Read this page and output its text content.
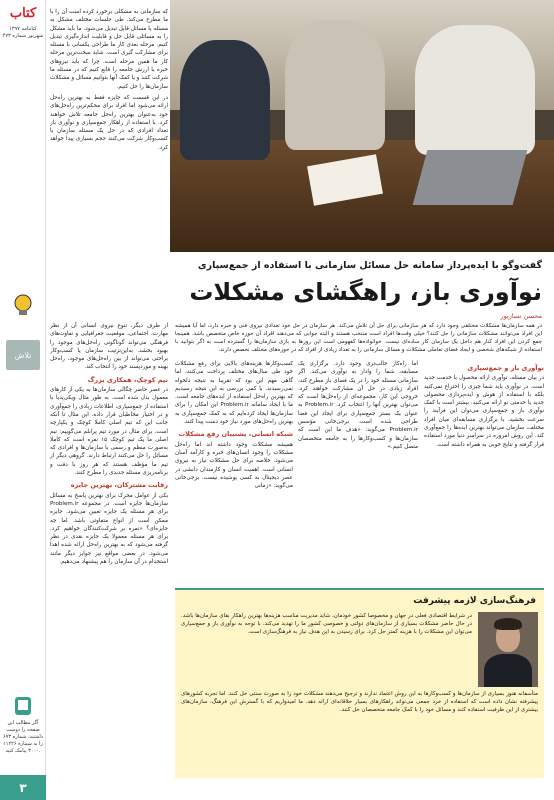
کتاب
کتابنامه ۱۳۹۷ شهریور شماره ۴۷۳
تلاش
آگر مطالب این صفحه را دوست داشتید، شماره ۶۷۳ را به شماره ۱۱۲۲۶ ۳۰۰۰ پیامک کنید.
۳

که سازمانی به مشکلی برخورد کرده است آن را با ما مطرح می‌کند. طی جلسات مختلف مشکل به مسئله یا مسائل قابل تبدیل می‌شود. ما باید مشکل را به مسائلی قابل حل و قابلیت اندازه‌گیری تبدیل کنیم. مرحله بعدی کار ما طراحی یکسانی با مسئله برای مشارکت گیری است. شاید سخت‌ترین مرحله کار ما همین مرحله است. چرا که باید نیروهای خبره یا ارزش جامعه را قانع کنیم که در مسئله ما شرکت کنند و یا کمک آنها بتوانیم مسائل و مشکلات سازمان‌ها را حل کنیم.

در این قسمت که جایزه فقط به بهترین راه‌حل ارائه می‌شود اما افراد برای محکم‌ترین راه‌حل‌های خود به‌عنوان بهترین راه‌حل جامعه تلاش خواهند کرد. با استفاده از راهکار جمع‌سپاری و نوآوری باز تعداد افرادی که در حل یک مسئله سازمان یا کسب‌وکار شرکت می‌کنند حجم بسیاری پیدا خواهد کرد.

گفت‌وگو با ایده‌پرداز سامانه حل مسائل سازمانی با استفاده از جمع‌سپاری
نوآوری باز، راهگشای مشکلات
محسن نسازیور
در همه سازمان‌ها مشکلات مختلفی وجود دارد که هر سازمانی برای حل آن تلاش می‌کند. هر سازمان در حل خود تعدادی نیروی فنی و خبره دارد، اما آیا همیشه این افراد می‌توانند مشکلات سازمانی را حل کنند؟ خیلی وقت‌ها افراد است منتخب هستند و البته جوابی که می‌دهند افراد آن حوزه خاص متخصص باشد. همینجا جمع کردن این افراد کنار هم داخل یک سازمان کار ساده‌ای نیست. خوانواده‌ها کفهومی است این روزها به بازی سازمان‌ها را گسترده است به اگر بتوانید با استفاده از شبکه‌های شخصی و ایجاد فضای تعاملی مشکلات و مسائل سازمانی را به تعداد زیادی از افراد که در حوزه‌های مختلف تخصص دارند.

از طرف دیگر، تنوع نیروی انسانی آن از نظر مهارت، اجتماعی، موقعیت جغرافیایی و تفاوت‌های فرهنگی می‌تواند گوناگونی راه‌حل‌های موجود را بهبود بخشد. به‌این‌ترتیب سازمان یا کسب‌وکار براحتی می‌تواند از بین راه‌حل‌های موجود، راه‌حل بهینه و موردپسند خود را انتخاب کند.

تیم کوچک، همکاری بزرگ

در عصر حاضر چگالی سازمان‌ها به یکی از کارهای معمول بدل شده است. به طور مثال ویکی‌پدیا با استفاده از جمع‌سپاری، اطلاعات زیادی را جمع‌آوری و در اختیار مخاطبان قرار داده. این مثال تا آنکه جانب این که تیم اصلی کاملا کوچک و یکپارچه است. برای مثال در مورد تیم پرابلم می‌گوییم: تیم اصلی ما یک تیم کوچک ۱۵ نفره است که کاملا به‌صورت منظم و رسمی با سازمان‌ها و افرادی که مسائل را حل می‌کنند ارتباط دارند. گروهی دیگر از تیم ما مؤظف هستند که هر روز با دقت و برنامه‌ریزی مسئله جدیدی را مطرح کنند.

رقابت مشترکان، بهترین جایزه

یکی از عوامل محرک برای بهترین پاسخ به مسائل سازمان‌ها جایزه است. در مجموعه Problem.ir برای هر مسئله یک جایزه تعیین می‌شود. جایزه ممکن است از انواع متفاوتی باشد. اما چه جایزه‌ای؟ «نمره بر شرکت‌کنندگان خواهیم کرد. برای هر مسئله معمولا یک جایزه نقدی در نظر گرفته می‌شود که به بهترین راه‌حل ارائه شده اهدا می‌شود. در بعضی مواقع نیز جوایز دیگر مانند استخدام در آن سازمان را هم پیشنهاد می‌دهیم.

کسب‌وکارها هزینه‌های بالایی برای رفع مشکلات خود طی سال‌های مختلف پرداخت می‌کنند، اما گاهی مهم این بود که تقریبا به نتیجه دلخواه نمی‌رسیدند. با کمی بررسی به این نتیجه رسیدیم که بهترین راه‌حل استفاده از ایده‌های جامعه است. ما با ایجاد سامانه Problem.ir این امکان را برای سازمان‌ها ایجاد کرده‌ایم که به کمک جمع‌سپاری به بهترین راه‌حل‌های مورد نیاز خود دست پیدا کنند.

شبکه انسانی، پشتیبان رفع مشکلات

همیشه مشکلات وجود داشته اند اما راه‌حل مشکلات را وجود انسان‌های خبره و کارآمد آسان می‌شود. خلاصه برای حل مشکلات نیاز به نیروی انسانی است. اهمیت انسان و کارمندان دانشی در عصر دیجیتال به کسی پوشیده نیست. برجی‌خانی می‌گوید: «زمانی

اما راه‌کار جالب‌تری وجود دارد. برگزاری یک مسابقه، شما را وادار به نوآوری می‌کند. اگر سازمانی مسئله خود را در یک فضای باز مطرح کند، افراد زیادی در حل آن مشارکت خواهند کرد. خروجی این کار، مجموعه‌ای از راه‌حل‌ها است که می‌توان بهترین آنها را انتخاب کرد. Problem.ir به عنوان یک بستر جمع‌سپاری برای ایجاد این فضا طراحی شده است. برجی‌خانی مؤسس Problem.ir می‌گوید: «هدف ما این است که سازمان‌ها و کسب‌وکارها را به جامعه متخصصان متصل کنیم.»

نوآوری باز و جمع‌سپاری

در بیان مسئله، نوآوری ارائه محصول یا خدمت جدید است. در نوآوری باید شما چیزی را اختراع نمی‌کنید بلکه با استفاده از هوش و ایده‌پردازی محصولی جدید یا خدمتی نو ارائه می‌کنید. بیشتر است با کمک نوآوری باز و جمع‌سپاری می‌توان این فرآیند را سرعت بخشید. با برگزاری مسابقه‌ای میان افراد مختلف، سازمان می‌تواند بهترین ایده‌ها را جمع‌آوری کند. این روش امروزه در سراسر دنیا مورد استفاده قرار گرفته و نتایج خوبی به همراه داشته است.

فرهنگ‌سازی لازمه پیشرفت
در شرایط اقتصادی فعلی در جهان و مخصوصا کشور خودمان، شاید مدیریت مناسب هزینه‌ها بهترین راهکار بقای سازمان‌ها باشد. در حال حاضر مشکلات بسیاری از سازمان‌های دولتی و خصوصی کشور ما را تهدید می‌کند. با توجه به نوآوری باز و جمع‌سپاری می‌توان این مشکلات را با هزینه کمتر حل کرد. برای رسیدن به این هدف نیاز به فرهنگ‌سازی است.
متأسفانه هنوز بسیاری از سازمان‌ها و کسب‌وکارها به این روش اعتماد ندارند و ترجیح می‌دهند مشکلات خود را به صورت سنتی حل کنند. اما تجربه کشورهای پیشرفته نشان داده است که استفاده از خرد جمعی می‌تواند راهکارهای بسیار خلاقانه‌ای ارائه دهد. ما امیدواریم که با گسترش این فرهنگ، سازمان‌های بیشتری از این ظرفیت استفاده کنند و مسائل خود را با کمک جامعه متخصصان حل کنند.
